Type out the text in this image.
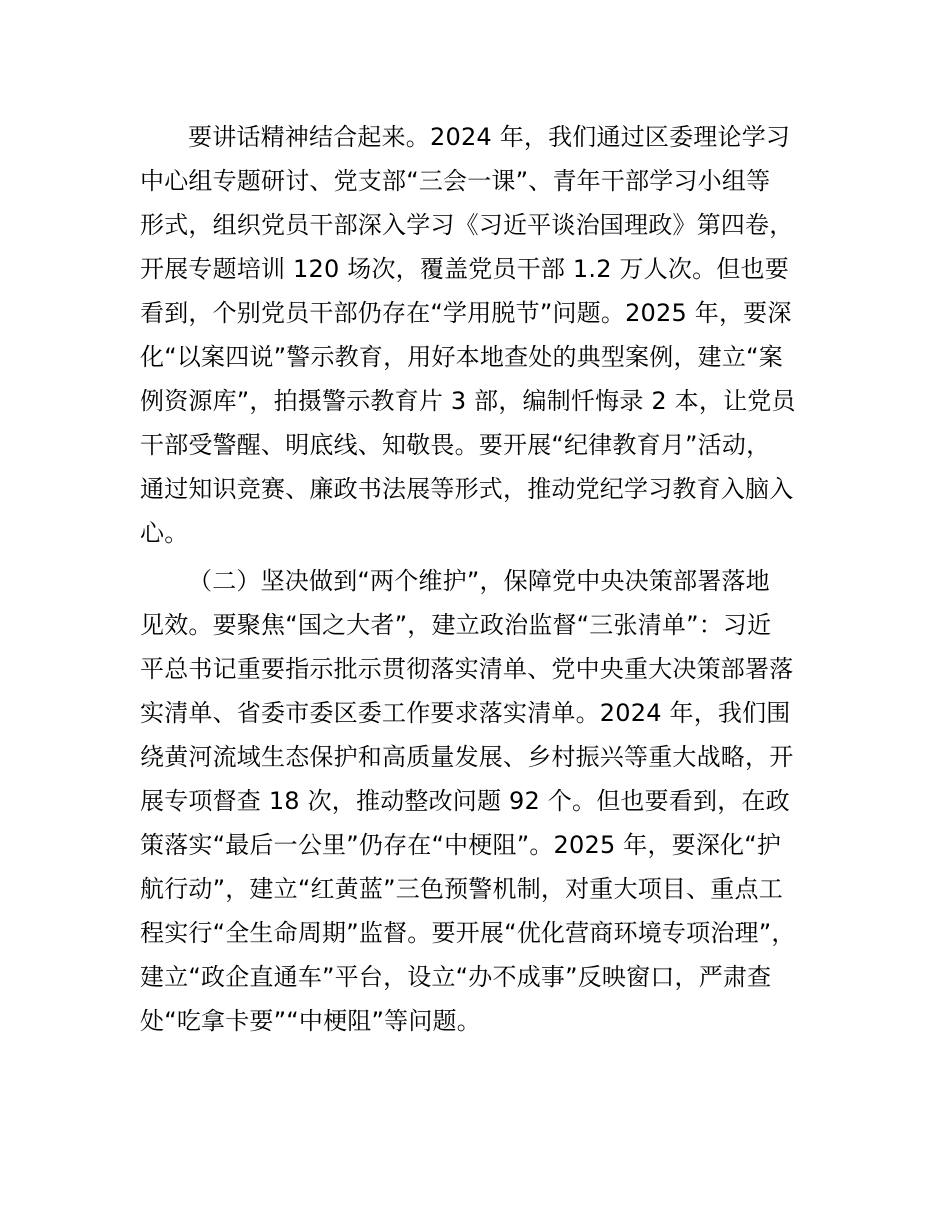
要讲话精神结合起来。2024 年，我们通过区委理论学习
中心组专题研讨、党支部“三会一课”、青年干部学习小组等
形式，组织党员干部深入学习《习近平谈治国理政》第四卷，
开展专题培训 120 场次，覆盖党员干部 1.2 万人次。但也要
看到，个别党员干部仍存在“学用脱节”问题。2025 年，要深
化“以案四说”警示教育，用好本地查处的典型案例，建立“案
例资源库”，拍摄警示教育片 3 部，编制忏悔录 2 本，让党员
干部受警醒、明底线、知敬畏。要开展“纪律教育月”活动，
通过知识竞赛、廉政书法展等形式，推动党纪学习教育入脑入
心。
（二）坚决做到“两个维护”，保障党中央决策部署落地
见效。要聚焦“国之大者”，建立政治监督“三张清单”：习近
平总书记重要指示批示贯彻落实清单、党中央重大决策部署落
实清单、省委市委区委工作要求落实清单。2024 年，我们围
绕黄河流域生态保护和高质量发展、乡村振兴等重大战略，开
展专项督查 18 次，推动整改问题 92 个。但也要看到，在政
策落实“最后一公里”仍存在“中梗阻”。2025 年，要深化“护
航行动”，建立“红黄蓝”三色预警机制，对重大项目、重点工
程实行“全生命周期”监督。要开展“优化营商环境专项治理”，
建立“政企直通车”平台，设立“办不成事”反映窗口，严肃查
处“吃拿卡要”“中梗阻”等问题。
